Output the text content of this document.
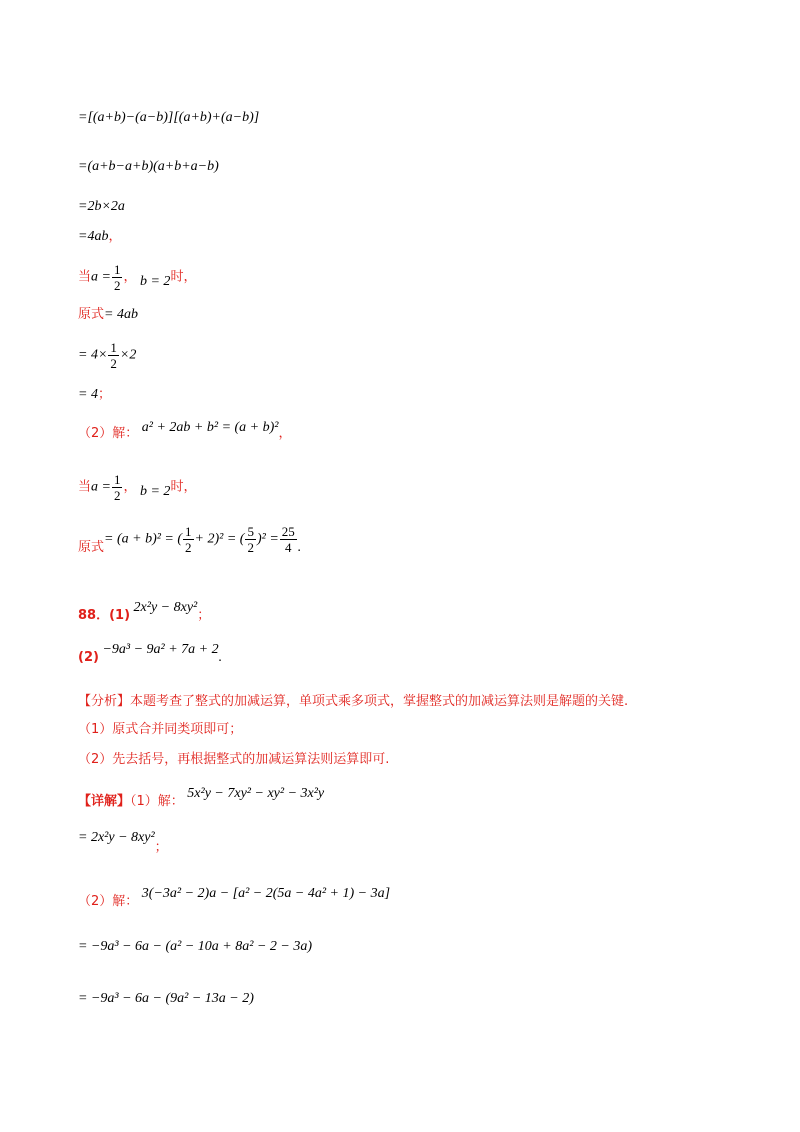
=[(a+b)−(a−b)][(a+b)+(a−b)]
=(a+b−a+b)(a+b+a−b)
=2b×2a
=4ab，
当$a = \frac{1}{2}$ ， b = 2时，
原式= 4ab
= $4\times \frac{1}{2} \times 2$
= 4；
（2）解： a² + 2ab + b² = (a + b)²，
当$a = \frac{1}{2}$ ， b = 2时，
原式= (a + b)² = ( $\frac{1}{2} + 2)^2$ = ( $\frac{5}{2} )^2 = \frac{25}{4}$ .
88．(1) 2x²y − 8xy²；
(2) −9a³ − 9a² + 7a + 2.
【分析】本题考查了整式的加减运算，单项式乘多项式，掌握整式的加减运算法则是解题的关键.
（1）原式合并同类项即可；
（2）先去括号，再根据整式的加减运算法则运算即可.
【详解】（1）解： 5x²y − 7xy² − xy² − 3x²y
= 2x²y − 8xy²；
（2）解： 3(−3a² − 2)a − [a² − 2(5a − 4a² + 1) − 3a]
= −9a³ − 6a − (a² − 10a + 8a² − 2 − 3a)
= −9a³ − 6a − (9a² − 13a − 2)
